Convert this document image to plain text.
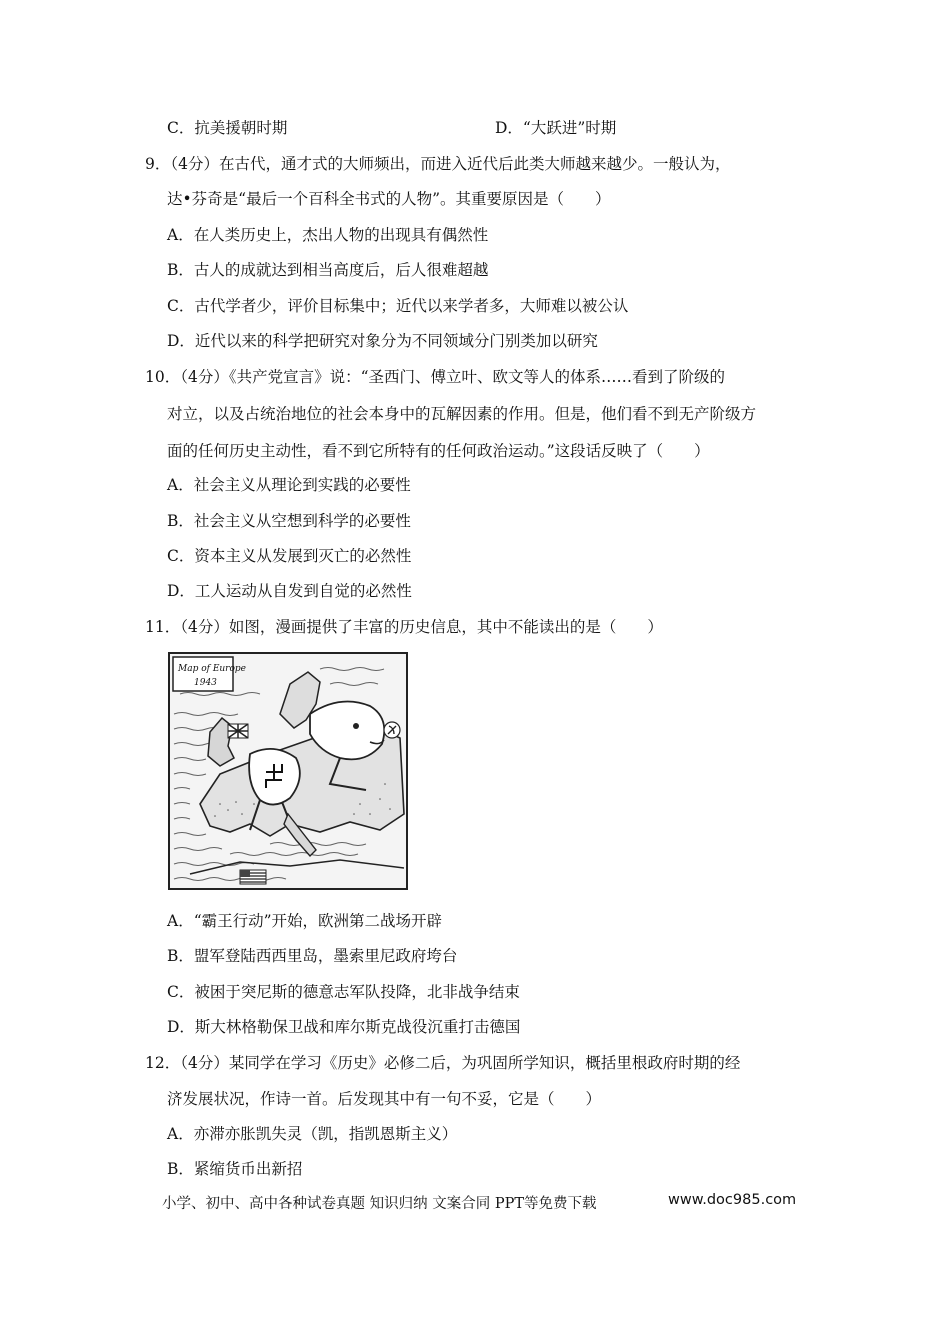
C．抗美援朝时期	D．“大跃进”时期
9．（4分）在古代，通才式的大师频出，而进入近代后此类大师越来越少。一般认为，
达•芬奇是“最后一个百科全书式的人物”。其重要原因是（　　）
A．在人类历史上，杰出人物的出现具有偶然性
B．古人的成就达到相当高度后，后人很难超越
C．古代学者少，评价目标集中；近代以来学者多，大师难以被公认
D．近代以来的科学把研究对象分为不同领域分门别类加以研究
10．（4分）《共产党宣言》说：“圣西门、傅立叶、欧文等人的体系……看到了阶级的
对立，以及占统治地位的社会本身中的瓦解因素的作用。但是，他们看不到无产阶级方
面的任何历史主动性，看不到它所特有的任何政治运动。”这段话反映了（　　）
A．社会主义从理论到实践的必要性
B．社会主义从空想到科学的必要性
C．资本主义从发展到灭亡的必然性
D．工人运动从自发到自觉的必然性
11．（4分）如图，漫画提供了丰富的历史信息，其中不能读出的是（　　）
Map of Europe
1943
A．“霸王行动”开始，欧洲第二战场开辟
B．盟军登陆西西里岛，墨索里尼政府垮台
C．被困于突尼斯的德意志军队投降，北非战争结束
D．斯大林格勒保卫战和库尔斯克战役沉重打击德国
12．（4分）某同学在学习《历史》必修二后，为巩固所学知识，概括里根政府时期的经
济发展状况，作诗一首。后发现其中有一句不妥，它是（　　）
A．亦滞亦胀凯失灵（凯，指凯恩斯主义）
B．紧缩货币出新招
小学、初中、高中各种试卷真题 知识归纳 文案合同 PPT等免费下载	www.doc985.com
